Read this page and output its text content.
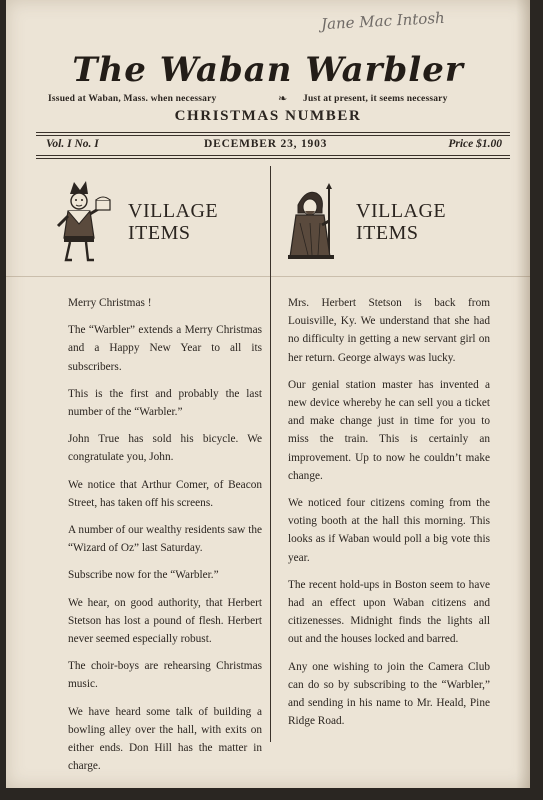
Jane Mac Intosh
The Waban Warbler
Issued at Waban, Mass. when necessary	❧ Just at present, it seems necessary
CHRISTMAS NUMBER
Vol. I No. I	DECEMBER 23, 1903	Price $1.00
VILLAGE
ITEMS
VILLAGE
ITEMS

Merry Christmas !

The “Warbler” extends a Merry Christmas and a Happy New Year to all its subscribers.

This is the first and probably the last number of the “Warbler.”

John True has sold his bicycle. We congratulate you, John.

We notice that Arthur Comer, of Beacon Street, has taken off his screens.

A number of our wealthy residents saw the “Wizard of Oz” last Saturday.

Subscribe now for the “Warbler.”

We hear, on good authority, that Herbert Stetson has lost a pound of flesh. Herbert never seemed especially robust.

The choir-boys are rehearsing Christmas music.

We have heard some talk of building a bowling alley over the hall, with exits on either ends. Don Hill has the matter in charge.

Mrs. Herbert Stetson is back from Louisville, Ky. We understand that she had no difficulty in getting a new servant girl on her return. George always was lucky.

Our genial station master has invented a new device whereby he can sell you a ticket and make change just in time for you to miss the train. This is certainly an improvement. Up to now he couldn’t make change.

We noticed four citizens coming from the voting booth at the hall this morning. This looks as if Waban would poll a big vote this year.

The recent hold-ups in Boston seem to have had an effect upon Waban citizens and citizenesses. Midnight finds the lights all out and the houses locked and barred.

Any one wishing to join the Camera Club can do so by subscribing to the “Warbler,” and sending in his name to Mr. Heald, Pine Ridge Road.
